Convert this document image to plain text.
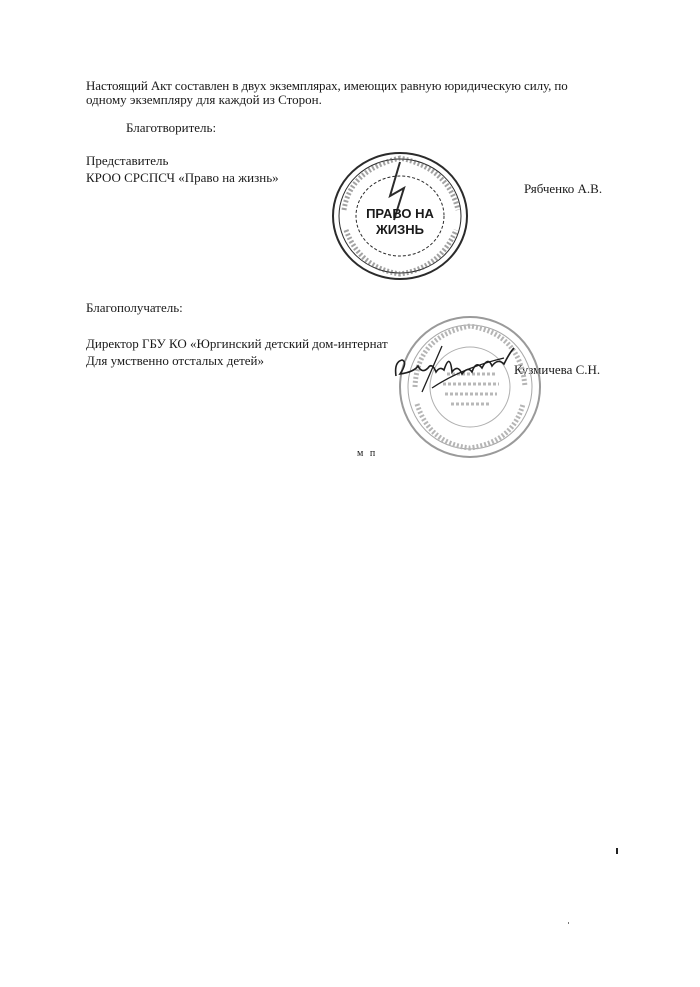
Настоящий Акт составлен в двух экземплярах, имеющих равную юридическую силу, по
одному экземпляру для каждой из Сторон.
Благотворитель:
Представитель
КРОО СРСПСЧ «Право на жизнь»
Рябченко А.В.
ПРАВО НА
ЖИЗНЬ
Благополучатель:
Директор ГБУ КО «Юргинский детский дом-интернат
Для умственно отсталых детей»
Кузмичева С.Н.
м п
